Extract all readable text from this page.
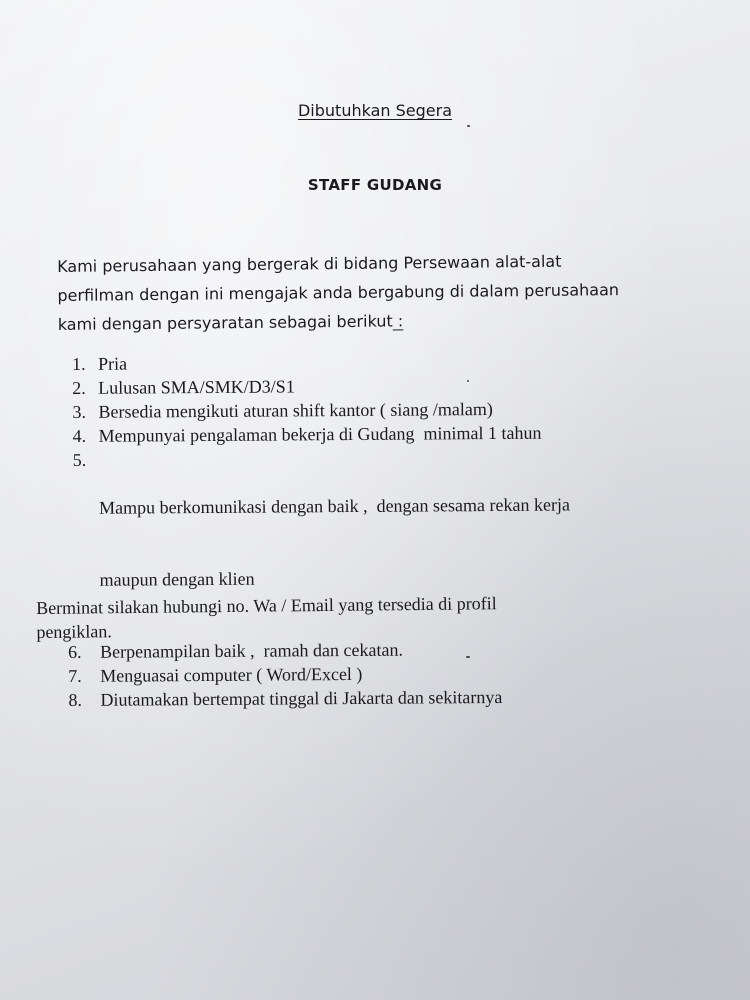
Dibutuhkan Segera
STAFF GUDANG
Kami perusahaan yang bergerak di bidang Persewaan alat-alat
perfilman dengan ini mengajak anda bergabung di dalam perusahaan
kami dengan persyaratan sebagai berikut :
1. Pria
2. Lulusan SMA/SMK/D3/S1
3. Bersedia mengikuti aturan shift kantor ( siang /malam)
4. Mempunyai pengalaman bekerja di Gudang  minimal 1 tahun
5.

Mampu berkomunikasi dengan baik ,  dengan sesama rekan kerja

maupun dengan klien

6.	Berpenampilan baik ,  ramah dan cekatan.
7.	Menguasai computer ( Word/Excel )
8.	Diutamakan bertempat tinggal di Jakarta dan sekitarnya
Berminat silakan hubungi no. Wa / Email yang tersedia di profil
pengiklan.
